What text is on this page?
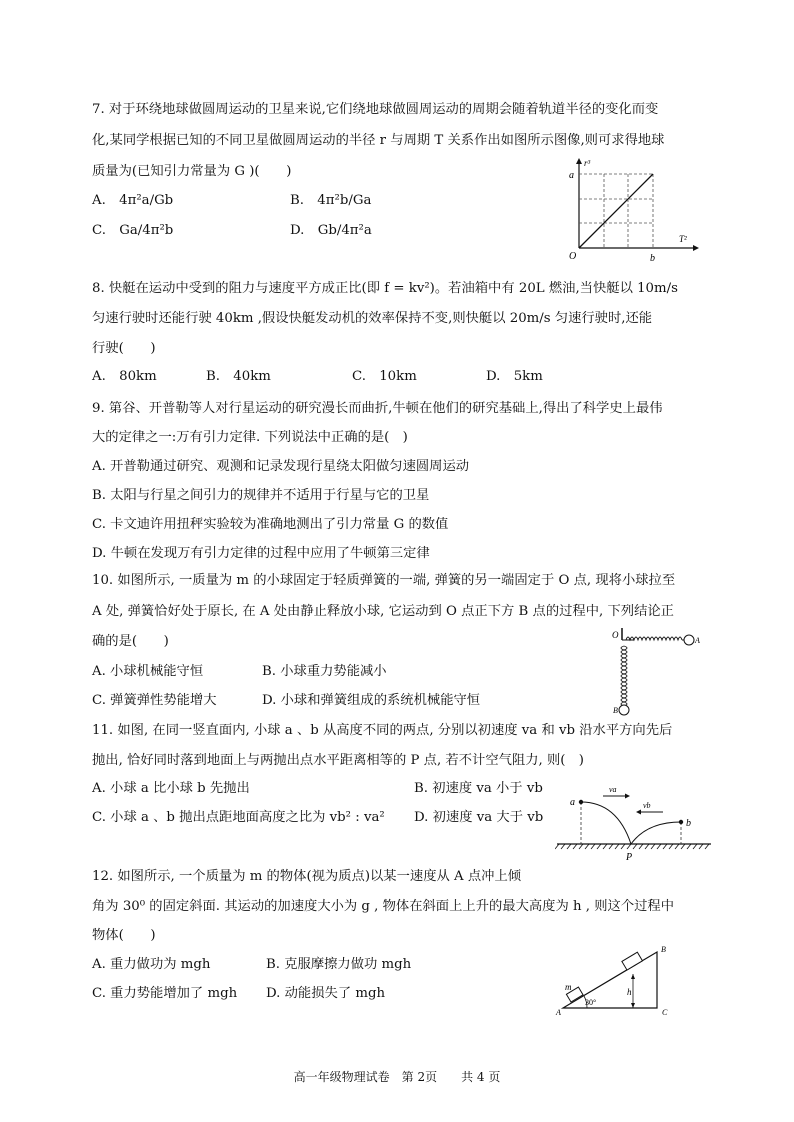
7. 对于环绕地球做圆周运动的卫星来说,它们绕地球做圆周运动的周期会随着轨道半径的变化而变
化,某同学根据已知的不同卫星做圆周运动的半径 r 与周期 T 关系作出如图所示图像,则可求得地球
质量为(已知引力常量为 G )(　　)
A.　4π²a/Gb	B.　4π²b/Ga
C.　Ga/4π²b	D.　Gb/4π²a
r³
T²
a
b
O
8. 快艇在运动中受到的阻力与速度平方成正比(即 f = kv²)。若油箱中有 20L 燃油,当快艇以 10m/s
匀速行驶时还能行驶 40km ,假设快艇发动机的效率保持不变,则快艇以 20m/s 匀速行驶时,还能
行驶(　　)
A.　80km	B.　40km	C.　10km	D.　5km
9. 第谷、开普勒等人对行星运动的研究漫长而曲折,牛顿在他们的研究基础上,得出了科学史上最伟
大的定律之一:万有引力定律. 下列说法中正确的是(　)
A. 开普勒通过研究、观测和记录发现行星绕太阳做匀速圆周运动
B. 太阳与行星之间引力的规律并不适用于行星与它的卫星
C. 卡文迪许用扭秤实验较为准确地测出了引力常量 G 的数值
D. 牛顿在发现万有引力定律的过程中应用了牛顿第三定律
10. 如图所示, 一质量为 m 的小球固定于轻质弹簧的一端, 弹簧的另一端固定于 O 点, 现将小球拉至
A 处, 弹簧恰好处于原长, 在 A 处由静止释放小球, 它运动到 O 点正下方 B 点的过程中, 下列结论正
确的是(　　)
A. 小球机械能守恒	B. 小球重力势能减小
C. 弹簧弹性势能增大	D. 小球和弹簧组成的系统机械能守恒
O
A
B
11. 如图, 在同一竖直面内, 小球 a 、b 从高度不同的两点, 分别以初速度 va 和 vb 沿水平方向先后
抛出, 恰好同时落到地面上与两抛出点水平距离相等的 P 点, 若不计空气阻力, 则(　)
A. 小球 a 比小球 b 先抛出	B. 初速度 va 小于 vb
C. 小球 a 、b 抛出点距地面高度之比为 vb² : va² D. 初速度 va 大于 vb
a
b
va
vb
P
12. 如图所示, 一个质量为 m 的物体(视为质点)以某一速度从 A 点冲上倾
角为 30⁰ 的固定斜面. 其运动的加速度大小为 g , 物体在斜面上上升的最大高度为 h , 则这个过程中
物体(　　)
A. 重力做功为 mgh	B. 克服摩擦力做功 mgh
C. 重力势能增加了 mgh D. 动能损失了 mgh	h
m
30°
A
B
C
高一年级物理试卷　第 2页　　共 4 页
